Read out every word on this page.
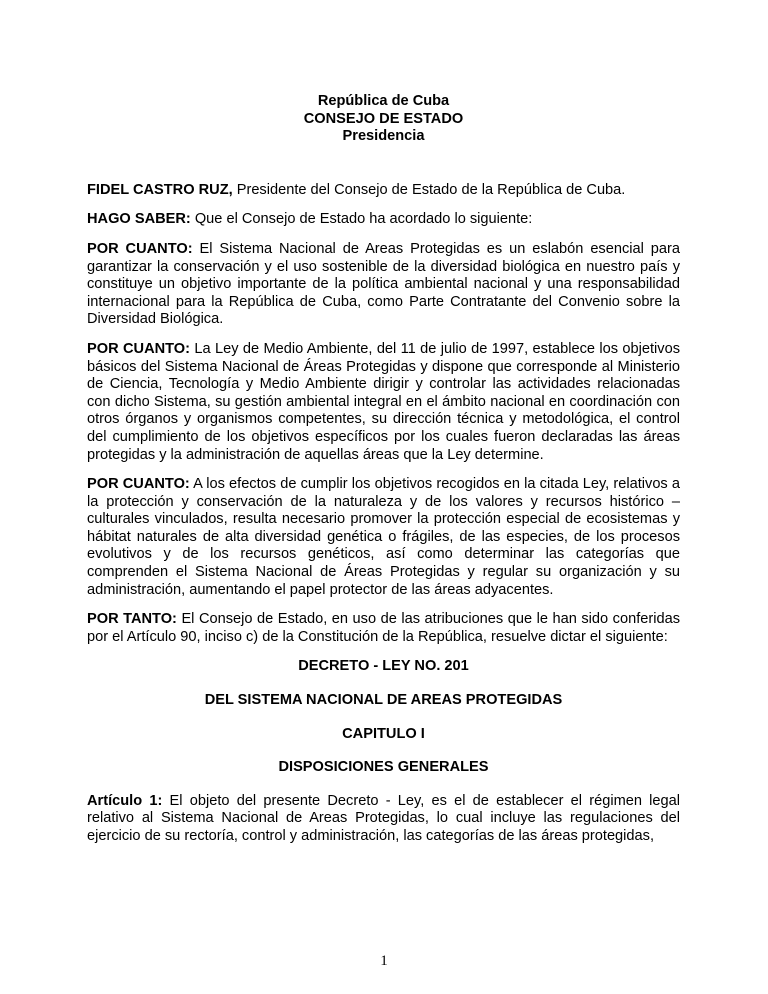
República de Cuba
CONSEJO DE ESTADO
Presidencia

FIDEL CASTRO RUZ, Presidente del Consejo de Estado de la República de Cuba.

HAGO SABER: Que el Consejo de Estado ha acordado lo siguiente:

POR CUANTO: El Sistema Nacional de Areas Protegidas es un eslabón esencial para garantizar la conservación y el uso sostenible de la diversidad biológica en nuestro país y constituye un objetivo importante de la política ambiental nacional y una responsabilidad internacional para la República de Cuba, como Parte Contratante del Convenio sobre la Diversidad Biológica.

POR CUANTO: La Ley de Medio Ambiente, del 11 de julio de 1997, establece los objetivos básicos del Sistema Nacional de Áreas Protegidas y dispone que corresponde al Ministerio de Ciencia, Tecnología y Medio Ambiente dirigir y controlar las actividades relacionadas con dicho Sistema, su gestión ambiental integral en el ámbito nacional en coordinación con otros órganos y organismos competentes, su dirección técnica y metodológica, el control del cumplimiento de los objetivos específicos por los cuales fueron declaradas las áreas protegidas y la administración de aquellas áreas que la Ley determine.

POR CUANTO: A los efectos de cumplir los objetivos recogidos en la citada Ley, relativos a la protección y conservación de la naturaleza y de los valores y recursos histórico – culturales vinculados, resulta necesario promover la protección especial de ecosistemas y hábitat naturales de alta diversidad genética o frágiles, de las especies, de los procesos evolutivos y de los recursos genéticos, así como determinar las categorías que comprenden el Sistema Nacional de Áreas Protegidas y regular su organización y su administración, aumentando el papel protector de las áreas adyacentes.

POR TANTO: El Consejo de Estado, en uso de las atribuciones que le han sido conferidas por el Artículo 90, inciso c) de la Constitución de la República, resuelve dictar el siguiente:

DECRETO - LEY NO. 201
DEL SISTEMA NACIONAL DE AREAS PROTEGIDAS
CAPITULO I
DISPOSICIONES GENERALES

Artículo 1: El objeto del presente Decreto - Ley, es el de establecer el régimen legal relativo al Sistema Nacional de Areas Protegidas, lo cual incluye las regulaciones del ejercicio de su rectoría, control y administración, las categorías de las áreas protegidas,

1
